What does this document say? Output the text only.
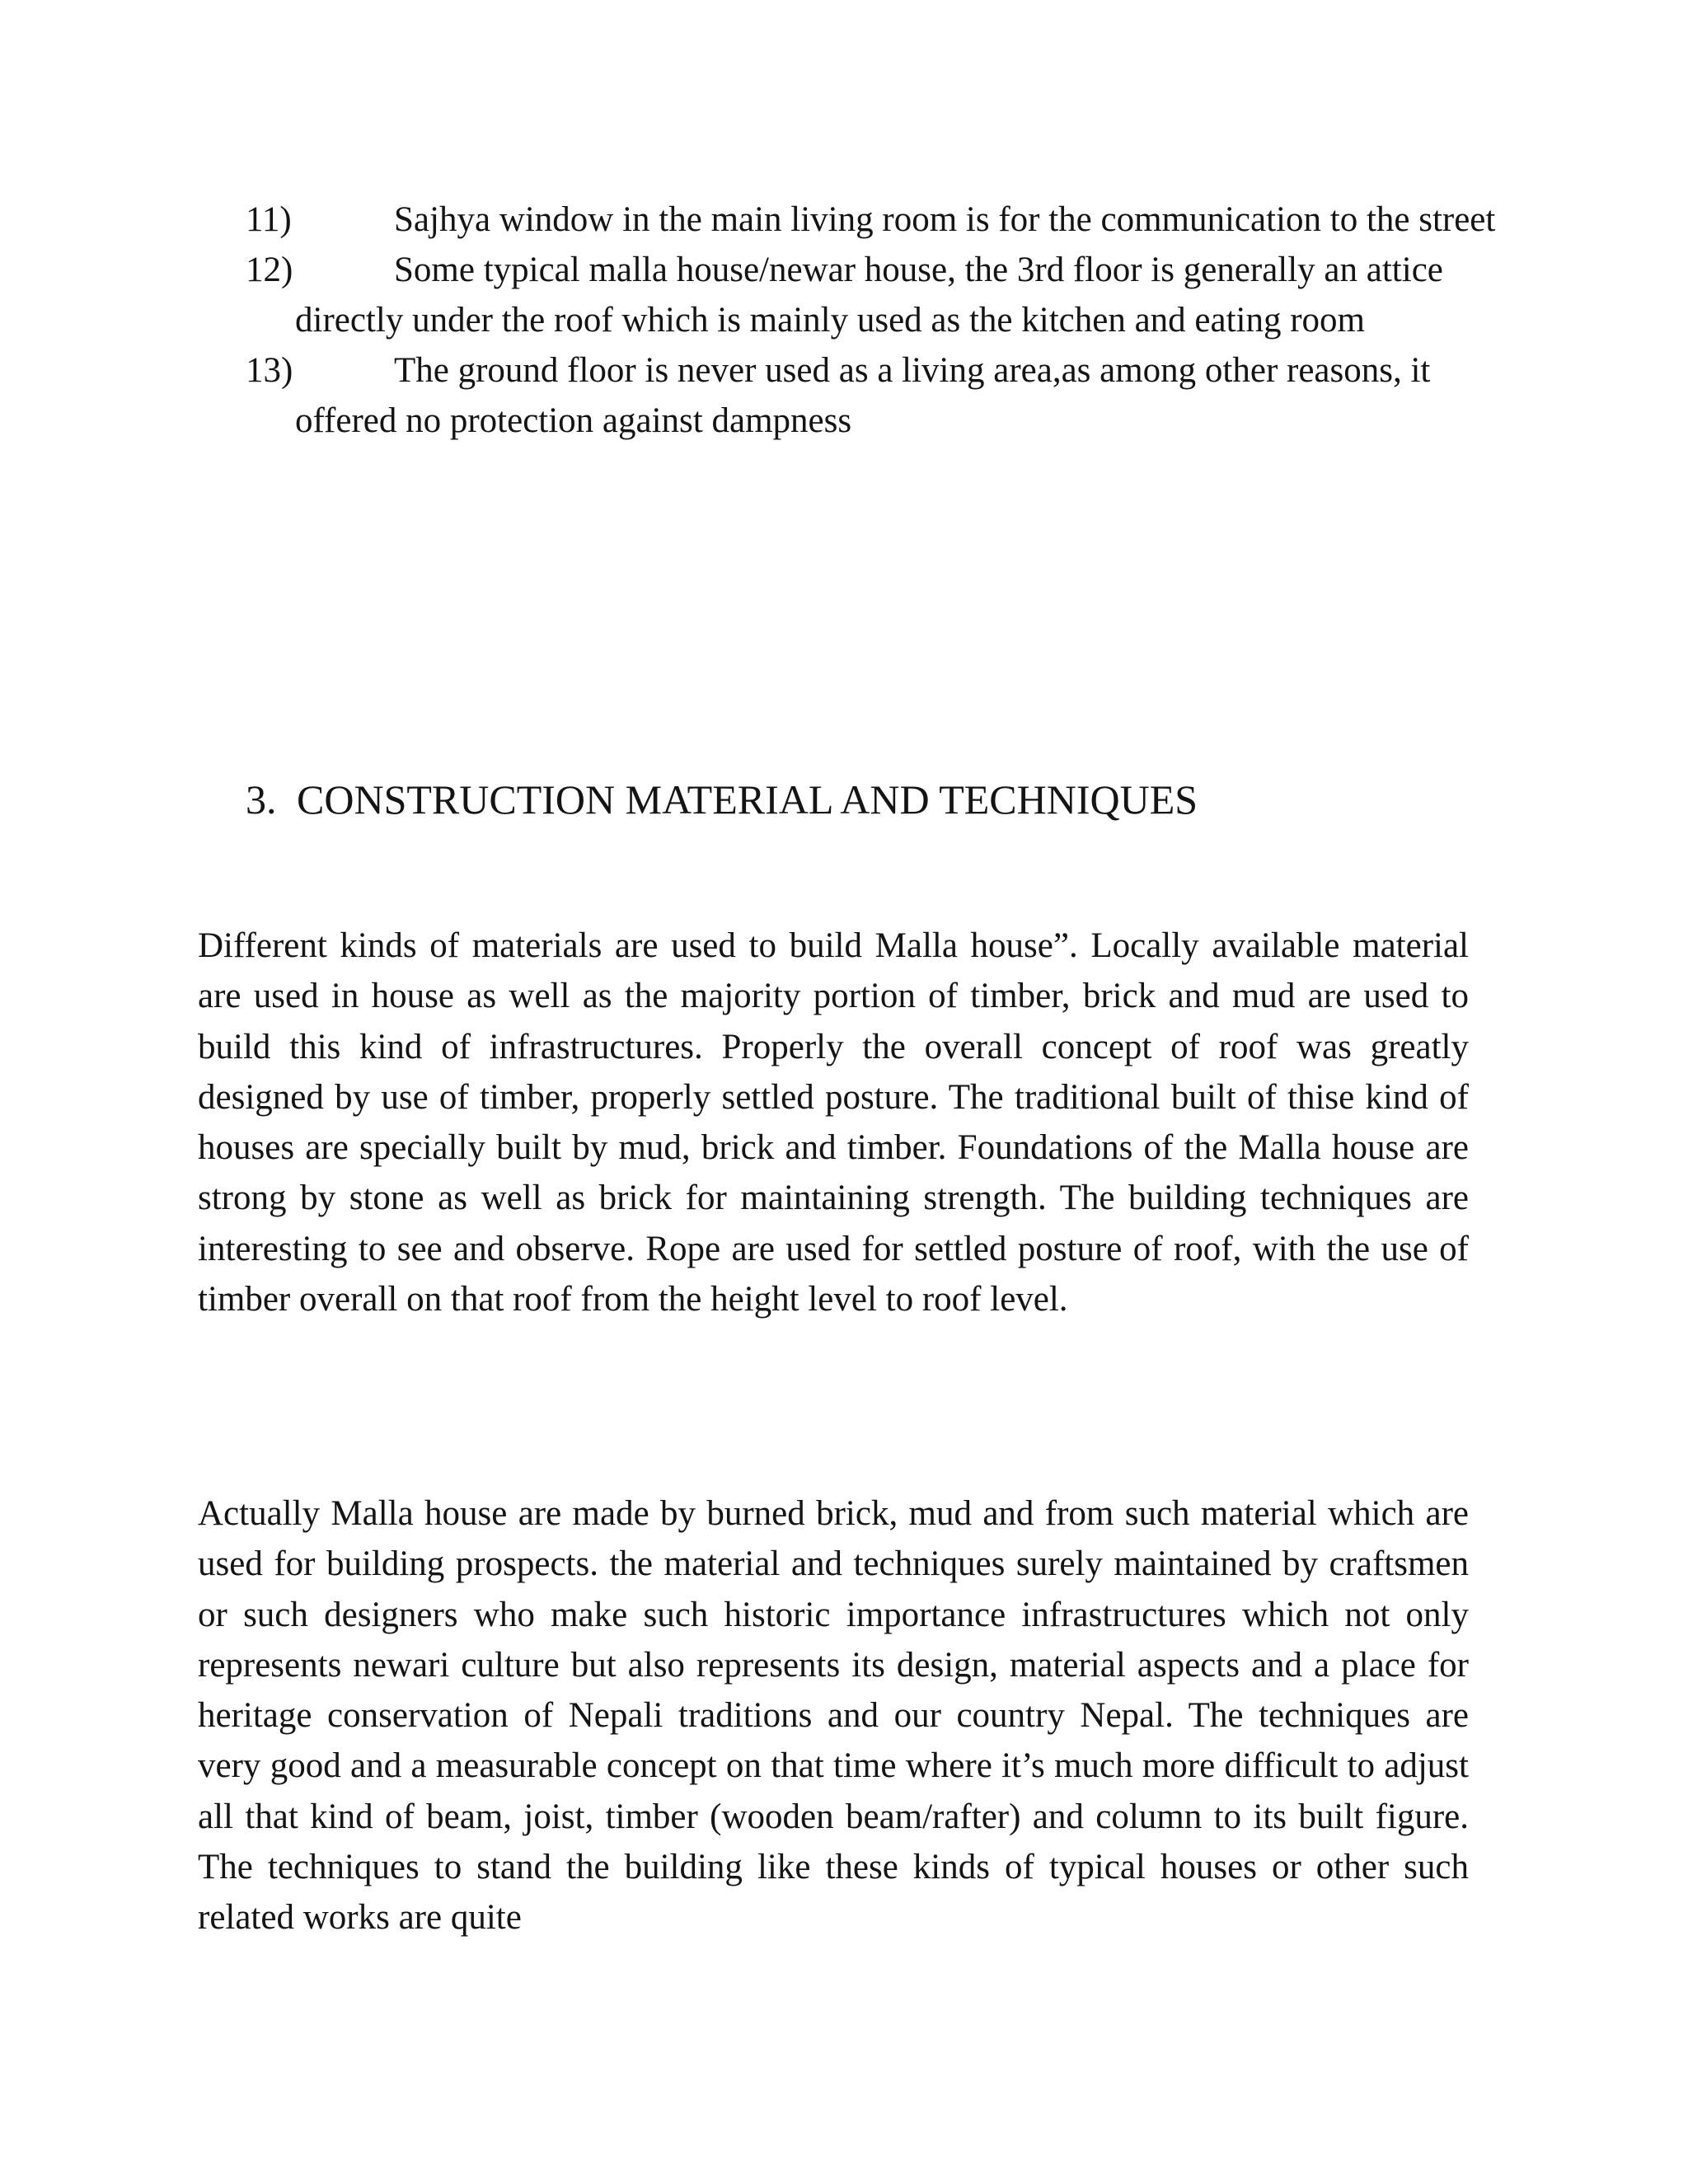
11)	Sajhya window in the main living room is for the communication to the street
12)	Some typical malla house/newar house, the 3rd floor is generally an attice directly under the roof which is mainly used as the kitchen and eating room
13)	The ground floor is never used as a living area,as among other reasons, it offered no protection against dampness
3. CONSTRUCTION MATERIAL AND TECHNIQUES

Different kinds of materials are used to build Malla house”. Locally available material are used in house as well as the majority portion of timber, brick and mud are used to build this kind of infrastructures. Properly the overall concept of roof was greatly designed by use of timber, properly settled posture. The traditional built of thise kind of houses are specially built by mud, brick and timber. Foundations of the Malla house are strong by stone as well as brick for maintaining strength. The building techniques are interesting to see and observe. Rope are used for settled posture of roof, with the use of timber overall on that roof from the height level to roof level.

Actually Malla house are made by burned brick, mud and from such material which are used for building prospects. the material and techniques surely maintained by craftsmen or such designers who make such historic importance infrastructures which not only represents newari culture but also represents its design, material aspects and a place for heritage conservation of Nepali traditions and our country Nepal. The techniques are very good and a measurable concept on that time where it’s much more difficult to adjust all that kind of beam, joist, timber (wooden beam/rafter) and column to its built figure. The techniques to stand the building like these kinds of typical houses or other such related works are quite
